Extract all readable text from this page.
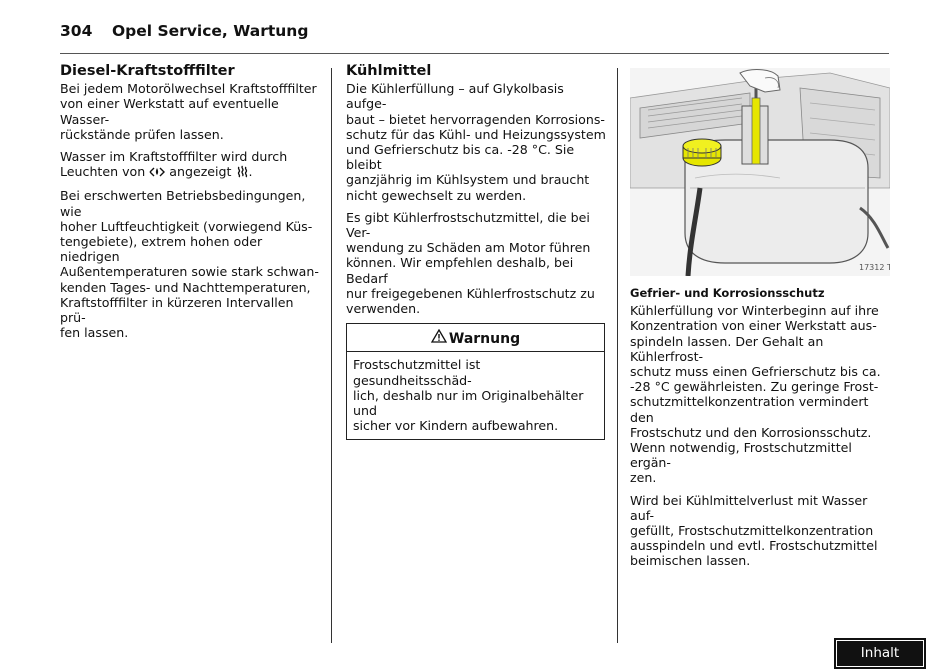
304 Opel Service, Wartung
Diesel-Kraftstofffilter

Bei jedem Motorölwechsel Kraftstofffilter
von einer Werkstatt auf eventuelle Wasser-
rückstände prüfen lassen.

Wasser im Kraftstofffilter wird durch
Leuchten von  angezeigt .

Bei erschwerten Betriebsbedingungen, wie
hoher Luftfeuchtigkeit (vorwiegend Küs-
tengebiete), extrem hohen oder niedrigen
Außentemperaturen sowie stark schwan-
kenden Tages- und Nachttemperaturen,
Kraftstofffilter in kürzeren Intervallen prü-
fen lassen.

Kühlmittel

Die Kühlerfüllung – auf Glykolbasis aufge-
baut – bietet hervorragenden Korrosions-
schutz für das Kühl- und Heizungssystem
und Gefrierschutz bis ca. -28 °C. Sie bleibt
ganzjährig im Kühlsystem und braucht
nicht gewechselt zu werden.

Es gibt Kühlerfrostschutzmittel, die bei Ver-
wendung zu Schäden am Motor führen
können. Wir empfehlen deshalb, bei Bedarf
nur freigegebenen Kühlerfrostschutz zu
verwenden.

Warnung
Frostschutzmittel ist gesundheitsschäd-
lich, deshalb nur im Originalbehälter und
sicher vor Kindern aufbewahren.
17312 T
Gefrier- und Korrosionsschutz

Kühlerfüllung vor Winterbeginn auf ihre
Konzentration von einer Werkstatt aus-
spindeln lassen. Der Gehalt an Kühlerfrost-
schutz muss einen Gefrierschutz bis ca.
-28 °C gewährleisten. Zu geringe Frost-
schutzmittelkonzentration vermindert den
Frostschutz und den Korrosionsschutz.
Wenn notwendig, Frostschutzmittel ergän-
zen.

Wird bei Kühlmittelverlust mit Wasser auf-
gefüllt, Frostschutzmittelkonzentration
ausspindeln und evtl. Frostschutzmittel
beimischen lassen.

Inhalt
